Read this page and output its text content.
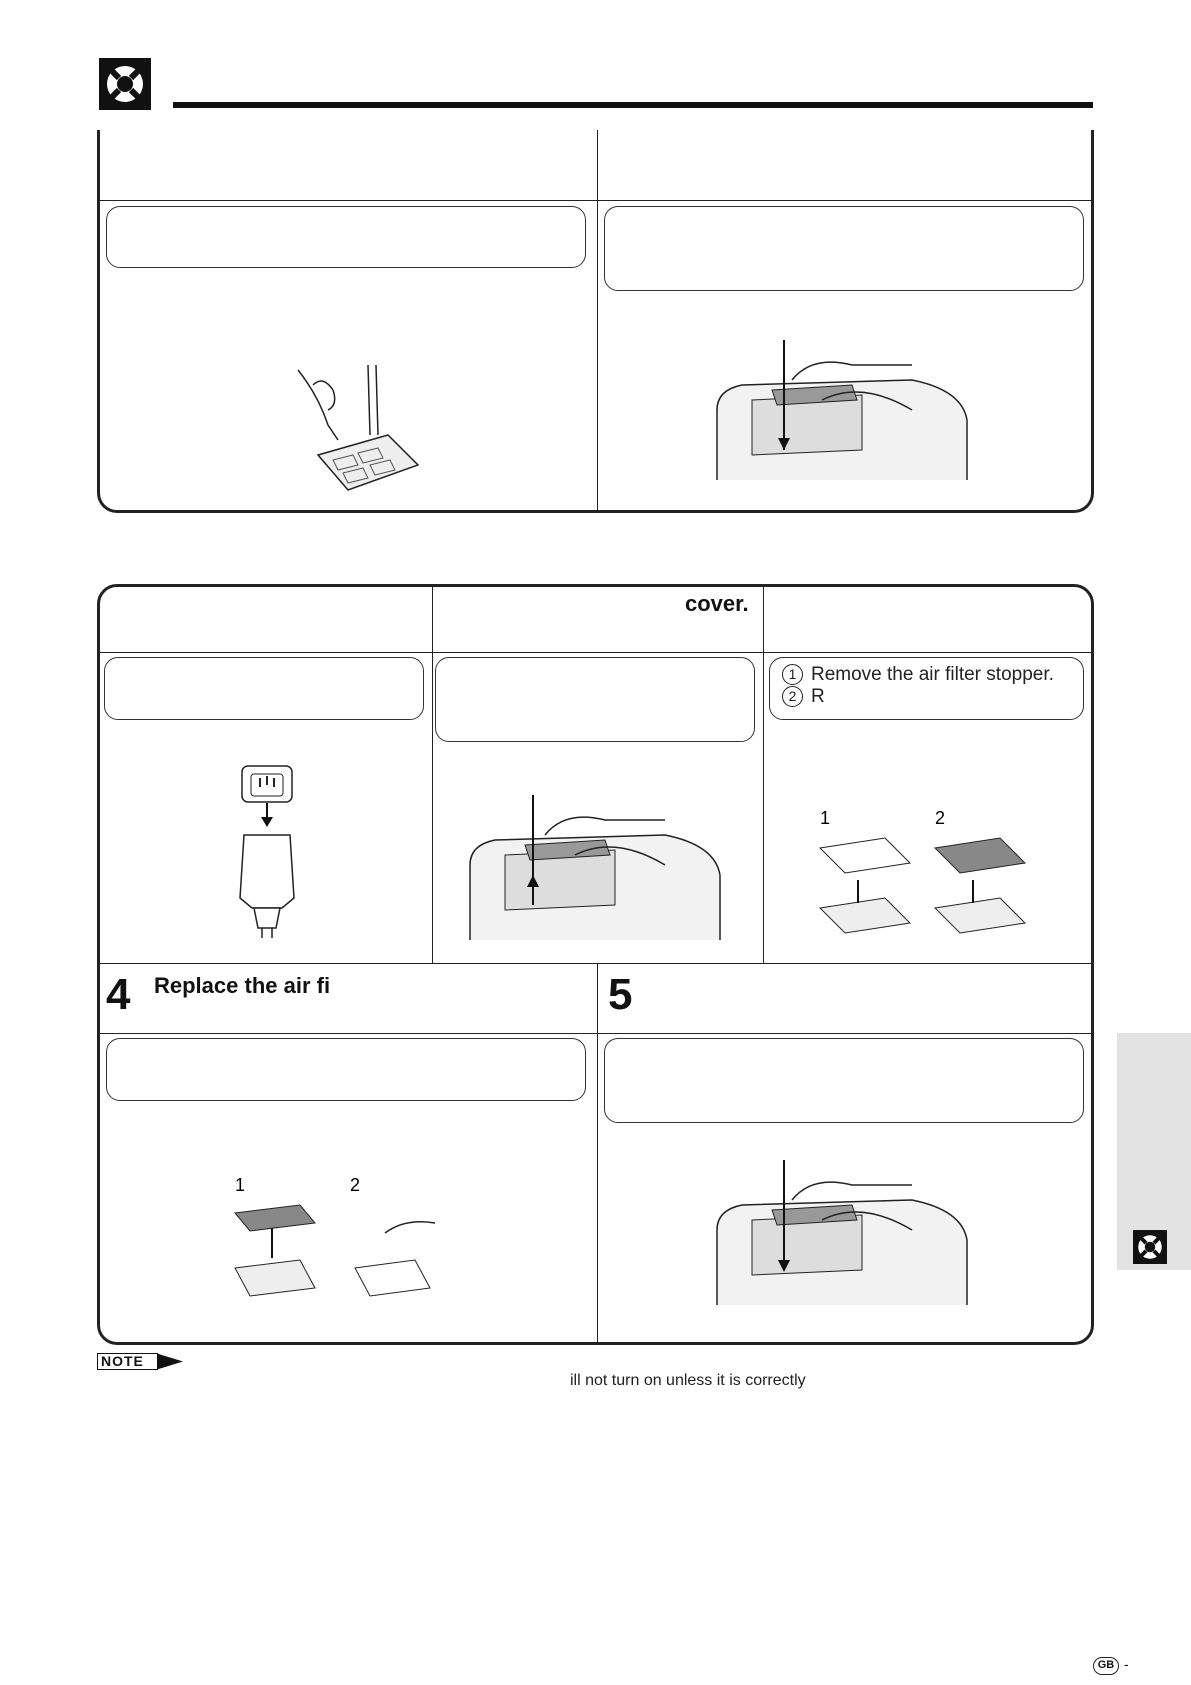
cover.
1 Remove the air filter stopper.
2 R
1	2
4 Replace the air fi	5
1	2
NOTE
ill not turn on unless it is correctly
GB -
